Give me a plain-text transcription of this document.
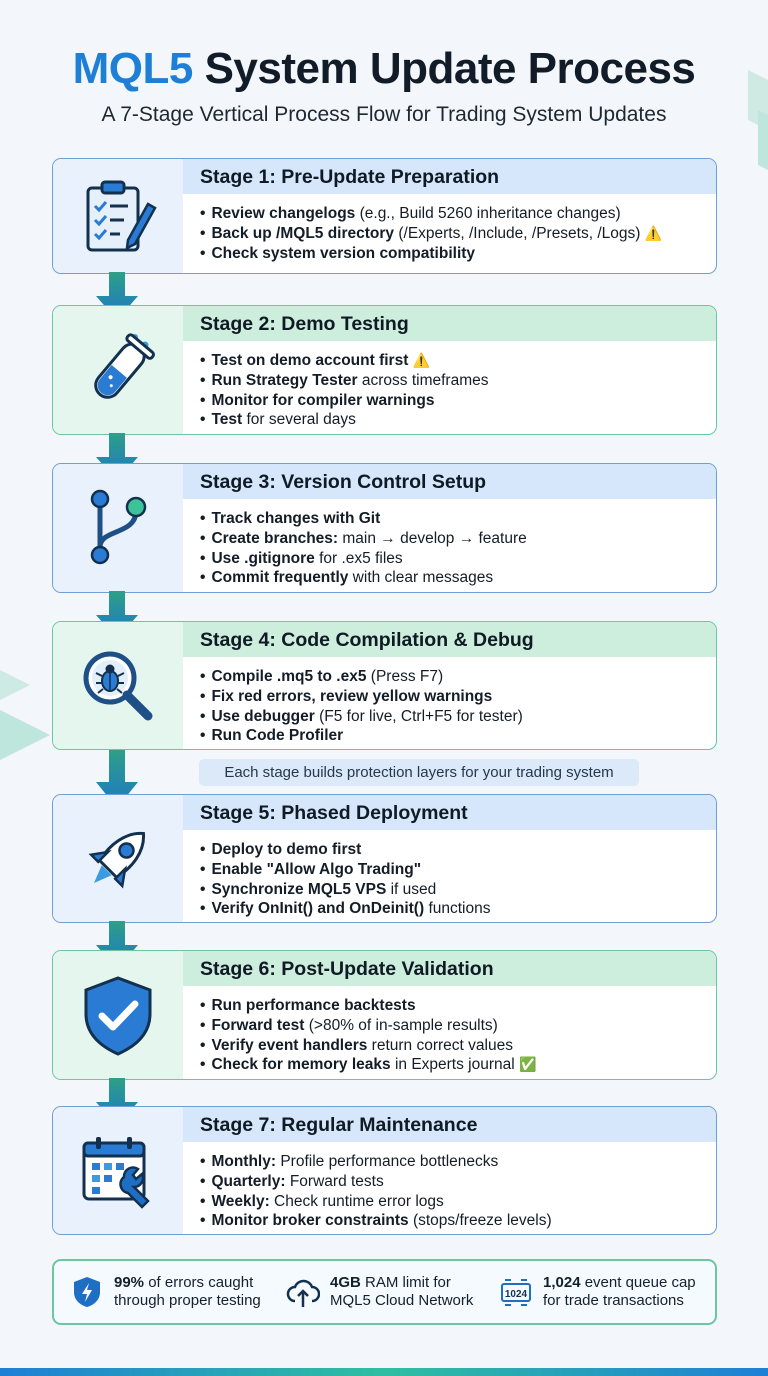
MQL5 System Update Process
A 7-Stage Vertical Process Flow for Trading System Updates
Stage 1: Pre-Update Preparation
• Review changelogs (e.g., Build 5260 inheritance changes)
• Back up /MQL5 directory (/Experts, /Include, /Presets, /Logs) ⚠️
• Check system version compatibility
Stage 2: Demo Testing
• Test on demo account first ⚠️
• Run Strategy Tester across timeframes
• Monitor for compiler warnings
• Test for several days
Stage 3: Version Control Setup
• Track changes with Git
• Create branches: main → develop → feature
• Use .gitignore for .ex5 files
• Commit frequently with clear messages
Stage 4: Code Compilation & Debug
• Compile .mq5 to .ex5 (Press F7)
• Fix red errors, review yellow warnings
• Use debugger (F5 for live, Ctrl+F5 for tester)
• Run Code Profiler
Each stage builds protection layers for your trading system
Stage 5: Phased Deployment
• Deploy to demo first
• Enable "Allow Algo Trading"
• Synchronize MQL5 VPS if used
• Verify OnInit() and OnDeinit() functions
Stage 6: Post-Update Validation
• Run performance backtests
• Forward test (>80% of in-sample results)
• Verify event handlers return correct values
• Check for memory leaks in Experts journal ✅
Stage 7: Regular Maintenance
• Monthly: Profile performance bottlenecks
• Quarterly: Forward tests
• Weekly: Check runtime error logs
• Monitor broker constraints (stops/freeze levels)
99% of errors caught
through proper testing
4GB RAM limit for
MQL5 Cloud Network	1024
1,024 event queue cap
for trade transactions
